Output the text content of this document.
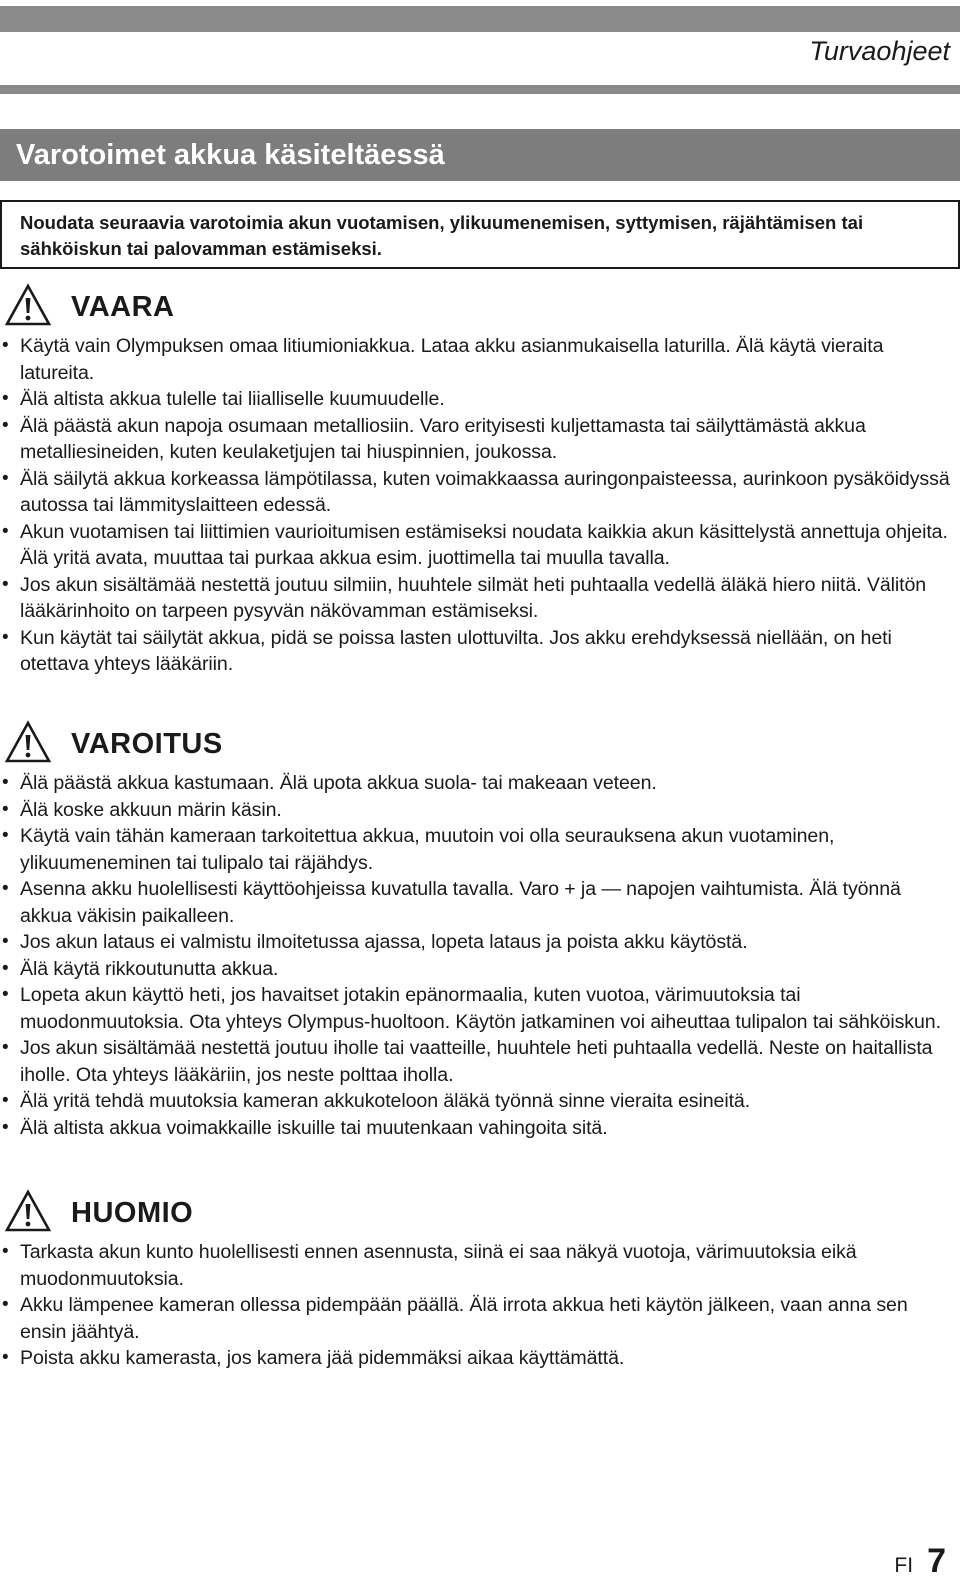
Turvaohjeet
Varotoimet akkua käsiteltäessä
Noudata seuraavia varotoimia akun vuotamisen, ylikuumenemisen, syttymisen, räjähtämisen tai sähköiskun tai palovamman estämiseksi.
VAARA
• Käytä vain Olympuksen omaa litiumioniakkua. Lataa akku asianmukaisella laturilla. Älä käytä vieraita latureita.
• Älä altista akkua tulelle tai liialliselle kuumuudelle.
• Älä päästä akun napoja osumaan metalliosiin. Varo erityisesti kuljettamasta tai säilyttämästä akkua metalliesineiden, kuten keulaketjujen tai hiuspinnien, joukossa.
• Älä säilytä akkua korkeassa lämpötilassa, kuten voimakkaassa auringonpaisteessa, aurinkoon pysäköidyssä autossa tai lämmityslaitteen edessä.
• Akun vuotamisen tai liittimien vaurioitumisen estämiseksi noudata kaikkia akun käsittelystä annettuja ohjeita. Älä yritä avata, muuttaa tai purkaa akkua esim. juottimella tai muulla tavalla.
• Jos akun sisältämää nestettä joutuu silmiin, huuhtele silmät heti puhtaalla vedellä äläkä hiero niitä. Välitön lääkärinhoito on tarpeen pysyvän näkövamman estämiseksi.
• Kun käytät tai säilytät akkua, pidä se poissa lasten ulottuvilta. Jos akku erehdyksessä niellään, on heti otettava yhteys lääkäriin.
VAROITUS
• Älä päästä akkua kastumaan. Älä upota akkua suola- tai makeaan veteen.
• Älä koske akkuun märin käsin.
• Käytä vain tähän kameraan tarkoitettua akkua, muutoin voi olla seurauksena akun vuotaminen, ylikuumeneminen tai tulipalo tai räjähdys.
• Asenna akku huolellisesti käyttöohjeissa kuvatulla tavalla. Varo + ja — napojen vaihtumista. Älä työnnä akkua väkisin paikalleen.
• Jos akun lataus ei valmistu ilmoitetussa ajassa, lopeta lataus ja poista akku käytöstä.
• Älä käytä rikkoutunutta akkua.
• Lopeta akun käyttö heti, jos havaitset jotakin epänormaalia, kuten vuotoa, värimuutoksia tai muodonmuutoksia. Ota yhteys Olympus-huoltoon. Käytön jatkaminen voi aiheuttaa tulipalon tai sähköiskun.
• Jos akun sisältämää nestettä joutuu iholle tai vaatteille, huuhtele heti puhtaalla vedellä. Neste on haitallista iholle. Ota yhteys lääkäriin, jos neste polttaa iholla.
• Älä yritä tehdä muutoksia kameran akkukoteloon äläkä työnnä sinne vieraita esineitä.
• Älä altista akkua voimakkaille iskuille tai muutenkaan vahingoita sitä.
HUOMIO
• Tarkasta akun kunto huolellisesti ennen asennusta, siinä ei saa näkyä vuotoja, värimuutoksia eikä muodonmuutoksia.
• Akku lämpenee kameran ollessa pidempään päällä. Älä irrota akkua heti käytön jälkeen, vaan anna sen ensin jäähtyä.
• Poista akku kamerasta, jos kamera jää pidemmäksi aikaa käyttämättä.
FI 7
